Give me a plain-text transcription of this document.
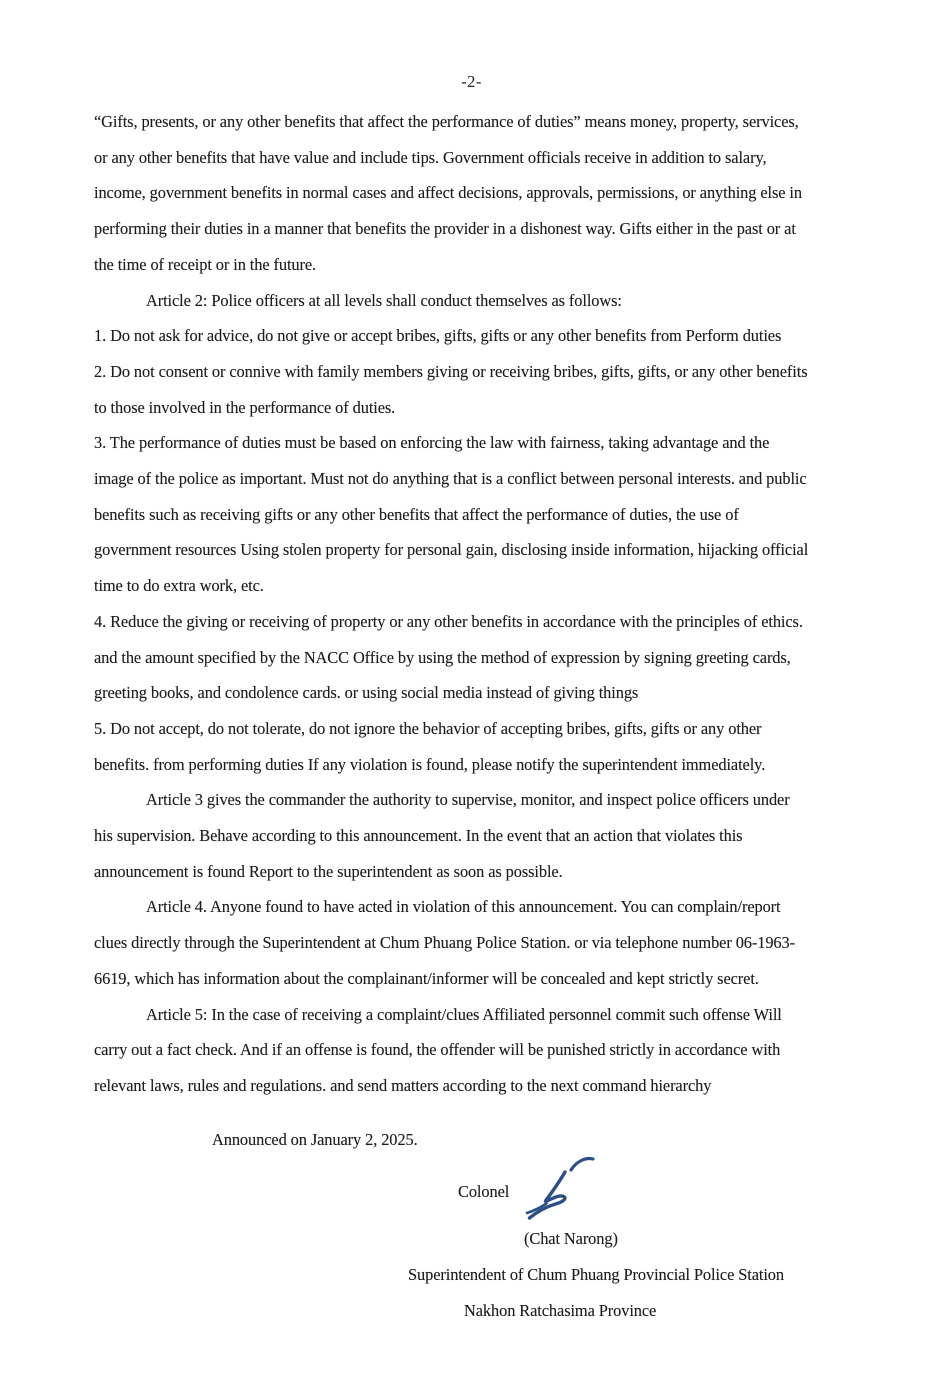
-2-
“Gifts, presents, or any other benefits that affect the performance of duties” means money, property, services,
or any other benefits that have value and include tips. Government officials receive in addition to salary,
income, government benefits in normal cases and affect decisions, approvals, permissions, or anything else in
performing their duties in a manner that benefits the provider in a dishonest way. Gifts either in the past or at
the time of receipt or in the future.
Article 2: Police officers at all levels shall conduct themselves as follows:
1. Do not ask for advice, do not give or accept bribes, gifts, gifts or any other benefits from Perform duties
2. Do not consent or connive with family members giving or receiving bribes, gifts, gifts, or any other benefits
to those involved in the performance of duties.
3. The performance of duties must be based on enforcing the law with fairness, taking advantage and the
image of the police as important. Must not do anything that is a conflict between personal interests. and public
benefits such as receiving gifts or any other benefits that affect the performance of duties, the use of
government resources Using stolen property for personal gain, disclosing inside information, hijacking official
time to do extra work, etc.
4. Reduce the giving or receiving of property or any other benefits in accordance with the principles of ethics.
and the amount specified by the NACC Office by using the method of expression by signing greeting cards,
greeting books, and condolence cards. or using social media instead of giving things
5. Do not accept, do not tolerate, do not ignore the behavior of accepting bribes, gifts, gifts or any other
benefits. from performing duties If any violation is found, please notify the superintendent immediately.
Article 3 gives the commander the authority to supervise, monitor, and inspect police officers under
his supervision. Behave according to this announcement. In the event that an action that violates this
announcement is found Report to the superintendent as soon as possible.
Article 4. Anyone found to have acted in violation of this announcement. You can complain/report
clues directly through the Superintendent at Chum Phuang Police Station. or via telephone number 06-1963-
6619, which has information about the complainant/informer will be concealed and kept strictly secret.
Article 5: In the case of receiving a complaint/clues Affiliated personnel commit such offense Will
carry out a fact check. And if an offense is found, the offender will be punished strictly in accordance with
relevant laws, rules and regulations. and send matters according to the next command hierarchy
Announced on January 2, 2025.
Colonel
(Chat Narong)
Superintendent of Chum Phuang Provincial Police Station
Nakhon Ratchasima Province
